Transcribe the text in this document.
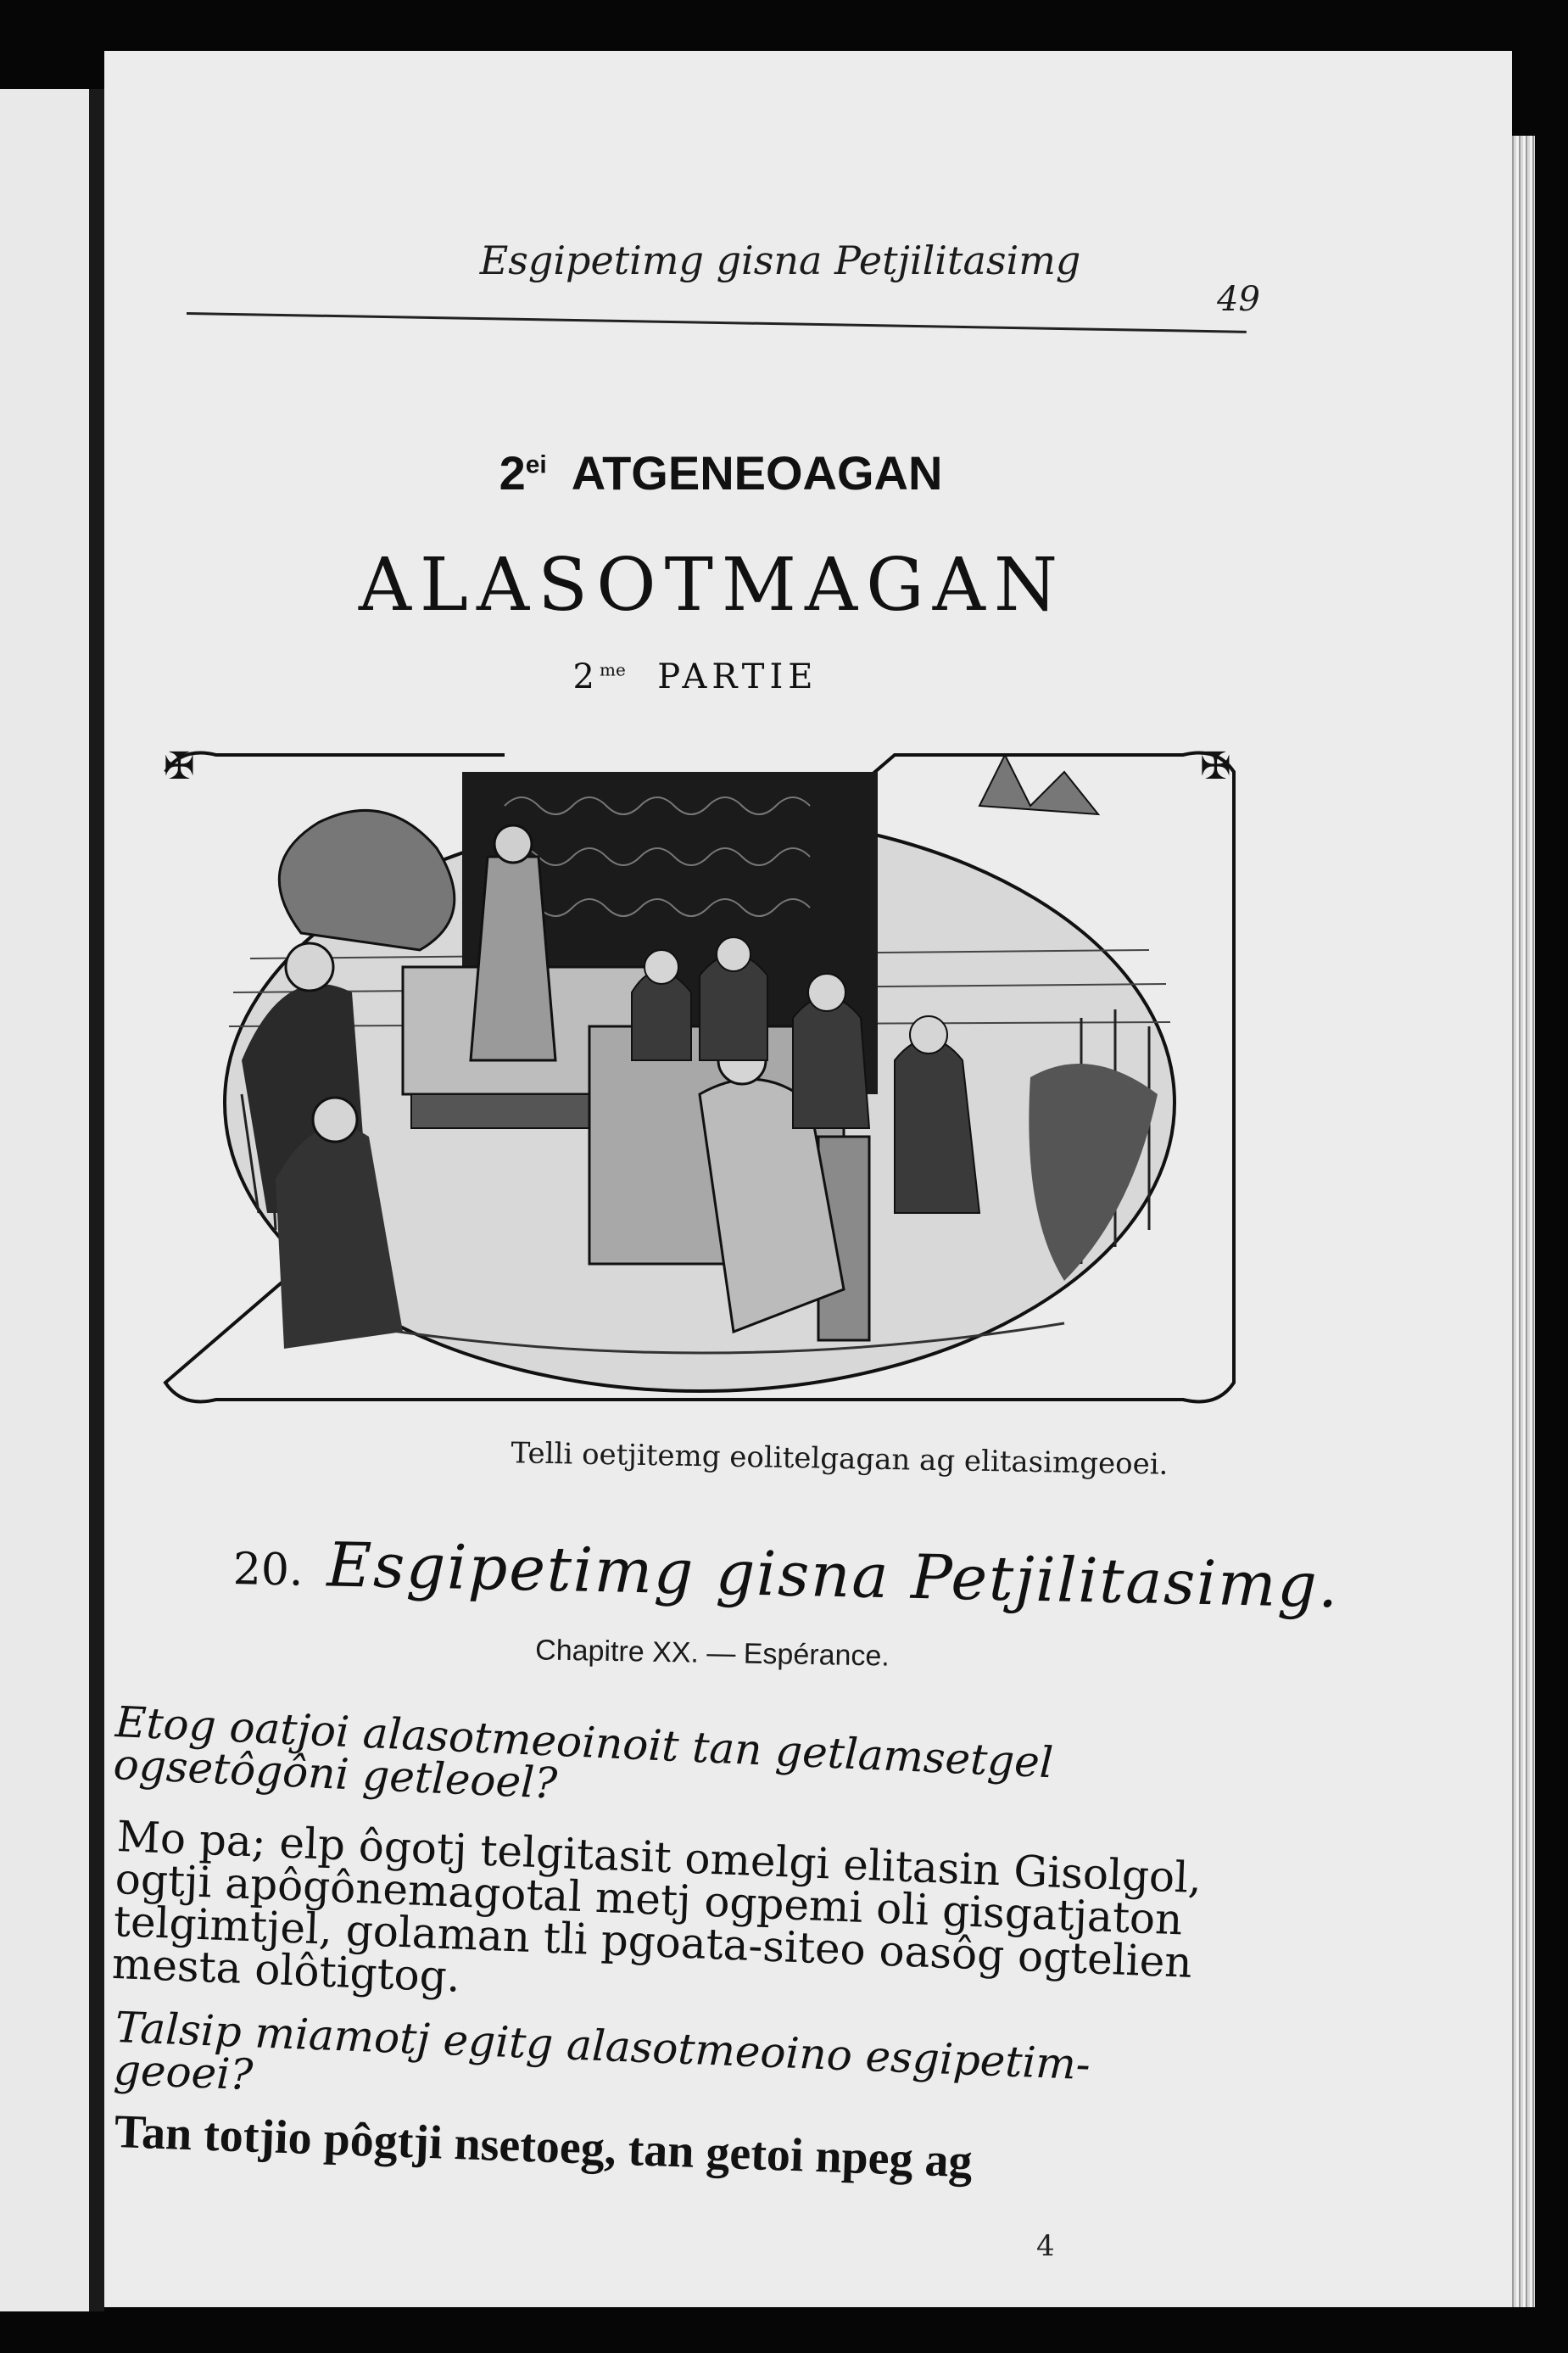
Esgipetimg gisna Petjilitasimg
49
$2^{ei}$ ATGENEOAGAN
ALASOTMAGAN
$2^{me}$ PARTIE
✠	✠
Telli oetjitemg eolitelgagan ag elitasimgeoei.
20. Esgipetimg gisna Petjilitasimg.
Chapitre XX. — Espérance.
Etog oatjoi alasotmeoinoit tan getlamsetgel ogsetôgôni getleoel?
Mo pa; elp ôgotj telgitasit omelgi elitasin Gisolgol, ogtji apôgônemagotal metj ogpemi oli gisgatjaton telgimtjel, golaman tli pgoata-siteo oasôg ogtelien mesta olôtigtog.
Talsip miamotj egitg alasotmeoino esgipetim-geoei?
Tan totjio pôgtji nsetoeg, tan getoi npeg ag
4
